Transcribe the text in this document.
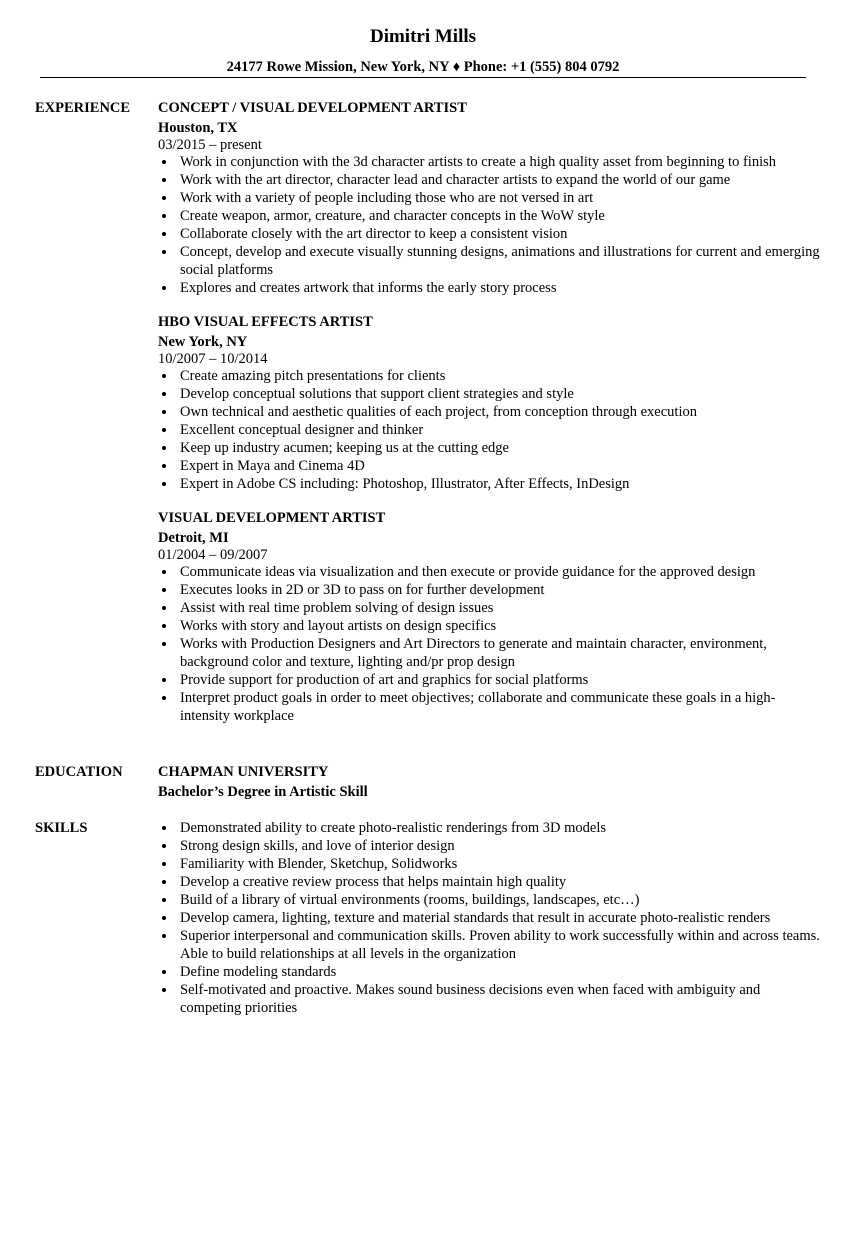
Dimitri Mills
24177 Rowe Mission, New York, NY ♦ Phone: +1 (555) 804 0792
EXPERIENCE CONCEPT / VISUAL DEVELOPMENT ARTIST
Houston, TX
03/2015 – present
Work in conjunction with the 3d character artists to create a high quality asset from beginning to finish
Work with the art director, character lead and character artists to expand the world of our game
Work with a variety of people including those who are not versed in art
Create weapon, armor, creature, and character concepts in the WoW style
Collaborate closely with the art director to keep a consistent vision
Concept, develop and execute visually stunning designs, animations and illustrations for current and emerging social platforms
Explores and creates artwork that informs the early story process
HBO VISUAL EFFECTS ARTIST
New York, NY
10/2007 – 10/2014
Create amazing pitch presentations for clients
Develop conceptual solutions that support client strategies and style
Own technical and aesthetic qualities of each project, from conception through execution
Excellent conceptual designer and thinker
Keep up industry acumen; keeping us at the cutting edge
Expert in Maya and Cinema 4D
Expert in Adobe CS including: Photoshop, Illustrator, After Effects, InDesign
VISUAL DEVELOPMENT ARTIST
Detroit, MI
01/2004 – 09/2007
Communicate ideas via visualization and then execute or provide guidance for the approved design
Executes looks in 2D or 3D to pass on for further development
Assist with real time problem solving of design issues
Works with story and layout artists on design specifics
Works with Production Designers and Art Directors to generate and maintain character, environment, background color and texture, lighting and/pr prop design
Provide support for production of art and graphics for social platforms
Interpret product goals in order to meet objectives; collaborate and communicate these goals in a high-intensity workplace
EDUCATION CHAPMAN UNIVERSITY
Bachelor’s Degree in Artistic Skill
SKILLS	Demonstrated ability to create photo-realistic renderings from 3D models
Strong design skills, and love of interior design
Familiarity with Blender, Sketchup, Solidworks
Develop a creative review process that helps maintain high quality
Build of a library of virtual environments (rooms, buildings, landscapes, etc…)
Develop camera, lighting, texture and material standards that result in accurate photo-realistic renders
Superior interpersonal and communication skills. Proven ability to work successfully within and across teams. Able to build relationships at all levels in the organization
Define modeling standards
Self-motivated and proactive. Makes sound business decisions even when faced with ambiguity and competing priorities
